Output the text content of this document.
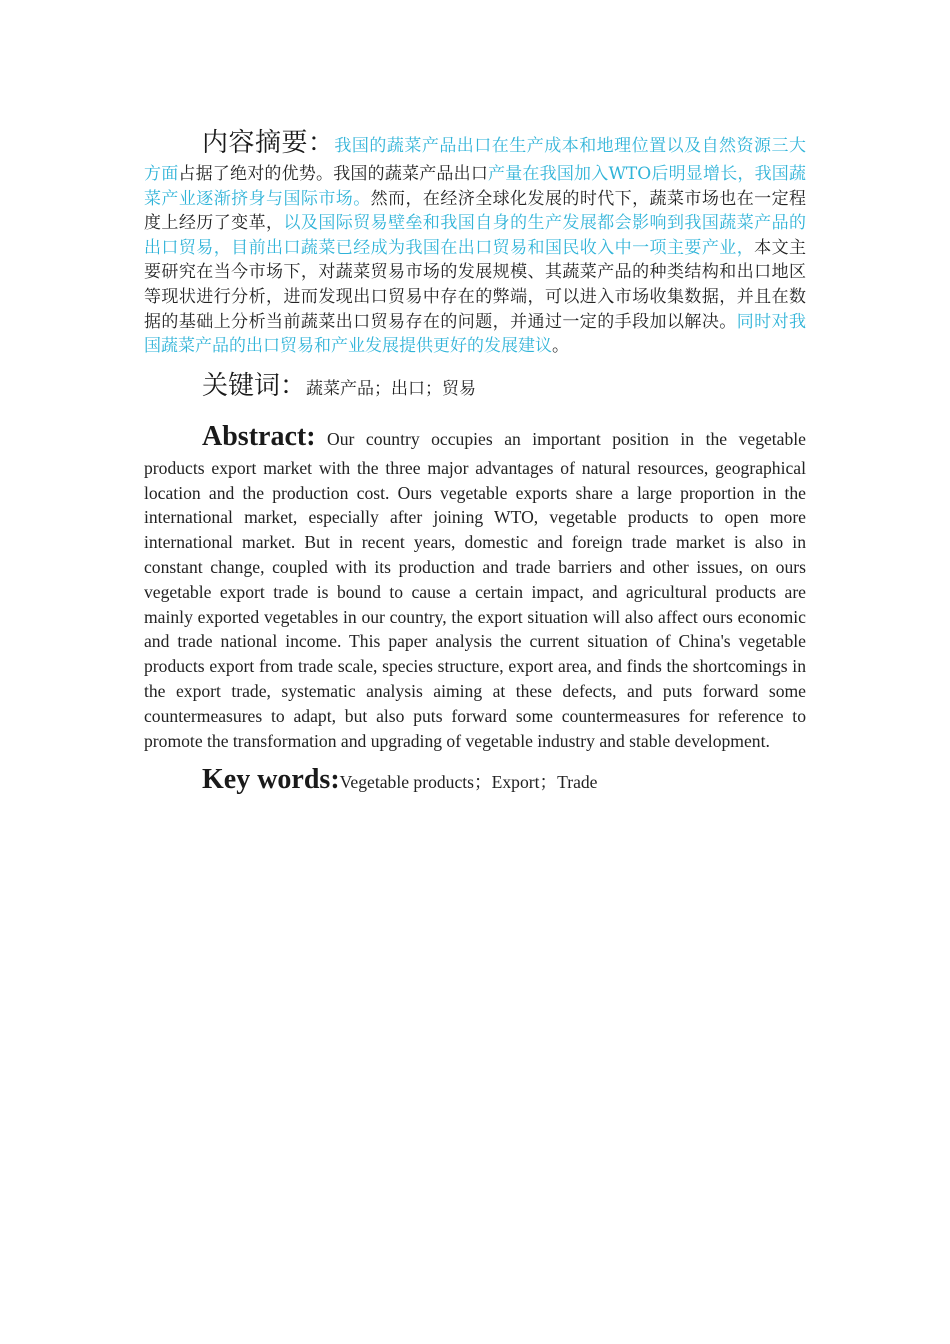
内容摘要：我国的蔬菜产品出口在生产成本和地理位置以及自然资源三大方面占据了绝对的优势。我国的蔬菜产品出口产量在我国加入WTO后明显增长，我国蔬菜产业逐渐挤身与国际市场。然而，在经济全球化发展的时代下，蔬菜市场也在一定程度上经历了变革，以及国际贸易壁垒和我国自身的生产发展都会影响到我国蔬菜产品的出口贸易，目前出口蔬菜已经成为我国在出口贸易和国民收入中一项主要产业，本文主要研究在当今市场下，对蔬菜贸易市场的发展规模、其蔬菜产品的种类结构和出口地区等现状进行分析，进而发现出口贸易中存在的弊端，可以进入市场收集数据，并且在数据的基础上分析当前蔬菜出口贸易存在的问题，并通过一定的手段加以解决。同时对我国蔬菜产品的出口贸易和产业发展提供更好的发展建议。

关键词：蔬菜产品；出口；贸易

Abstract: Our country occupies an important position in the vegetable products export market with the three major advantages of natural resources, geographical location and the production cost. Ours vegetable exports share a large proportion in the international market, especially after joining WTO, vegetable products to open more international market. But in recent years, domestic and foreign trade market is also in constant change, coupled with its production and trade barriers and other issues, on ours vegetable export trade is bound to cause a certain impact, and agricultural products are mainly exported vegetables in our country, the export situation will also affect ours economic and trade national income. This paper analysis the current situation of China's vegetable products export from trade scale, species structure, export area, and finds the shortcomings in the export trade, systematic analysis aiming at these defects, and puts forward some countermeasures to adapt, but also puts forward some countermeasures for reference to promote the transformation and upgrading of vegetable industry and stable development.

Key words:Vegetable products；Export；Trade
